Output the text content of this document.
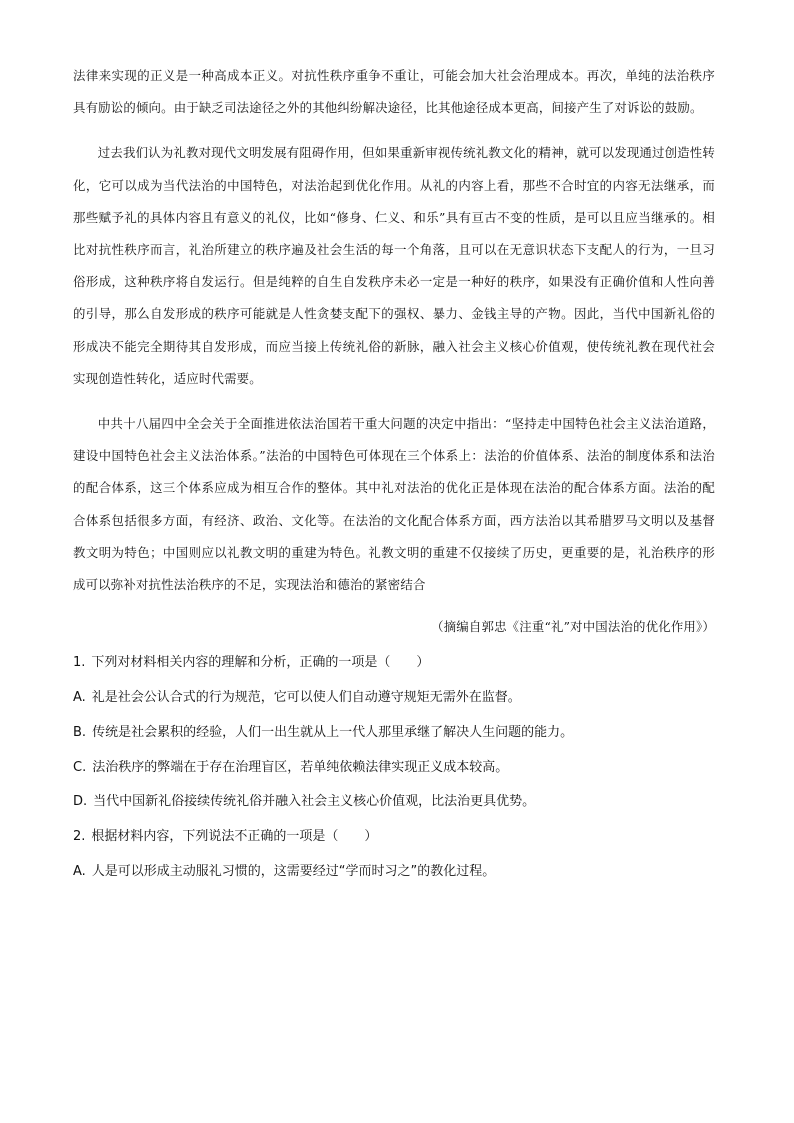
法律来实现的正义是一种高成本正义。对抗性秩序重争不重让，可能会加大社会治理成本。再次，单纯的法治秩序具有励讼的倾向。由于缺乏司法途径之外的其他纠纷解决途径，比其他途径成本更高，间接产生了对诉讼的鼓励。

过去我们认为礼教对现代文明发展有阻碍作用，但如果重新审视传统礼教文化的精神，就可以发现通过创造性转化，它可以成为当代法治的中国特色，对法治起到优化作用。从礼的内容上看，那些不合时宜的内容无法继承，而那些赋予礼的具体内容且有意义的礼仪，比如“修身、仁义、和乐”具有亘古不变的性质，是可以且应当继承的。相比对抗性秩序而言，礼治所建立的秩序遍及社会生活的每一个角落，且可以在无意识状态下支配人的行为，一旦习俗形成，这种秩序将自发运行。但是纯粹的自生自发秩序未必一定是一种好的秩序，如果没有正确价值和人性向善的引导，那么自发形成的秩序可能就是人性贪婪支配下的强权、暴力、金钱主导的产物。因此，当代中国新礼俗的形成决不能完全期待其自发形成，而应当接上传统礼俗的新脉，融入社会主义核心价值观，使传统礼教在现代社会实现创造性转化，适应时代需要。

中共十八届四中全会关于全面推进依法治国若干重大问题的决定中指出：“坚持走中国特色社会主义法治道路，建设中国特色社会主义法治体系。”法治的中国特色可体现在三个体系上：法治的价值体系、法治的制度体系和法治的配合体系，这三个体系应成为相互合作的整体。其中礼对法治的优化正是体现在法治的配合体系方面。法治的配合体系包括很多方面，有经济、政治、文化等。在法治的文化配合体系方面，西方法治以其希腊罗马文明以及基督教文明为特色；中国则应以礼教文明的重建为特色。礼教文明的重建不仅接续了历史，更重要的是，礼治秩序的形成可以弥补对抗性法治秩序的不足，实现法治和德治的紧密结合

（摘编自郭忠《注重“礼”对中国法治的优化作用》）
1. 下列对材料相关内容的理解和分析，正确的一项是（　　）
A. 礼是社会公认合式的行为规范，它可以使人们自动遵守规矩无需外在监督。
B. 传统是社会累积的经验，人们一出生就从上一代人那里承继了解决人生问题的能力。
C. 法治秩序的弊端在于存在治理盲区，若单纯依赖法律实现正义成本较高。
D. 当代中国新礼俗接续传统礼俗并融入社会主义核心价值观，比法治更具优势。
2. 根据材料内容，下列说法不正确的一项是（　　）
A. 人是可以形成主动服礼习惯的，这需要经过“学而时习之”的教化过程。
